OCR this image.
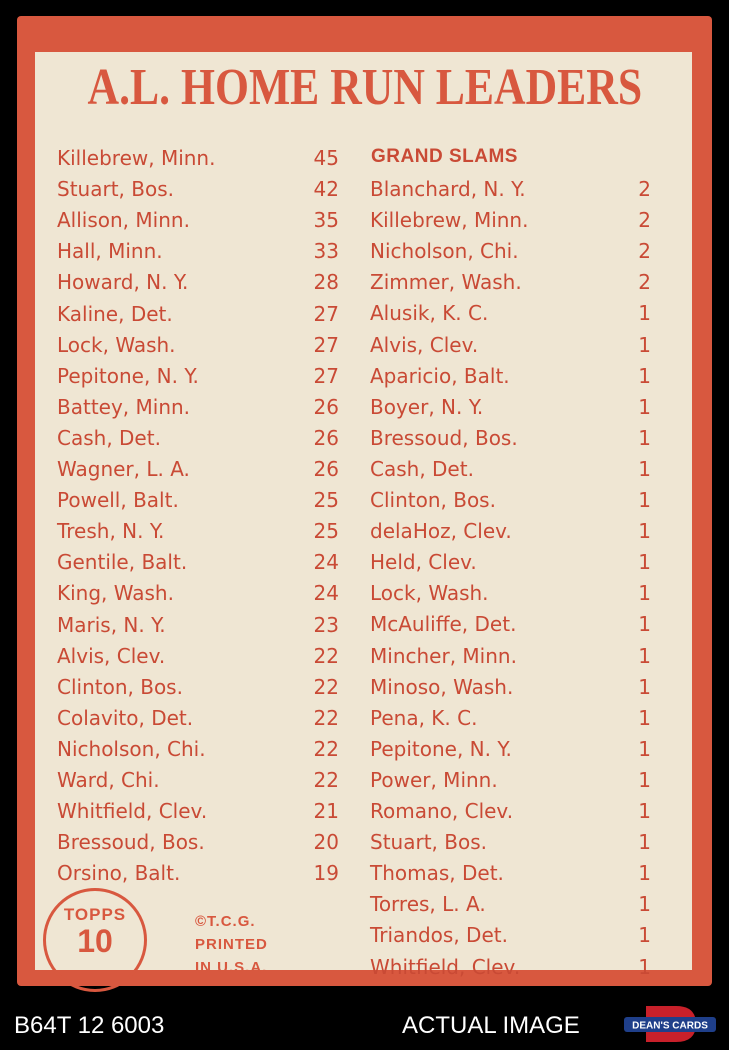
A.L. HOME RUN LEADERS
GRAND SLAMS
Killebrew, Minn.	45
Stuart, Bos.	42
Allison, Minn.	35
Hall, Minn.	33
Howard, N. Y.	28
Kaline, Det.	27
Lock, Wash.	27
Pepitone, N. Y.	27
Battey, Minn.	26
Cash, Det.	26
Wagner, L. A.	26
Powell, Balt.	25
Tresh, N. Y.	25
Gentile, Balt.	24
King, Wash.	24
Maris, N. Y.	23
Alvis, Clev.	22
Clinton, Bos.	22
Colavito, Det.	22
Nicholson, Chi.	22
Ward, Chi.	22
Whitfield, Clev.	21
Bressoud, Bos.	20
Orsino, Balt.	19
Blanchard, N. Y.	2
Killebrew, Minn.	2
Nicholson, Chi.	2
Zimmer, Wash.	2
Alusik, K. C.	1
Alvis, Clev.	1
Aparicio, Balt.	1
Boyer, N. Y.	1
Bressoud, Bos.	1
Cash, Det.	1
Clinton, Bos.	1
delaHoz, Clev.	1
Held, Clev.	1
Lock, Wash.	1
McAuliffe, Det.	1
Mincher, Minn.	1
Minoso, Wash.	1
Pena, K. C.	1
Pepitone, N. Y.	1
Power, Minn.	1
Romano, Clev.	1
Stuart, Bos.	1
Thomas, Det.	1
Torres, L. A.	1
Triandos, Det.	1
Whitfield, Clev.	1
TOPPS
10
©T.C.G.
PRINTED
IN U.S.A.
B64T 12 6003	ACTUAL IMAGE	DEAN'S CARDS
